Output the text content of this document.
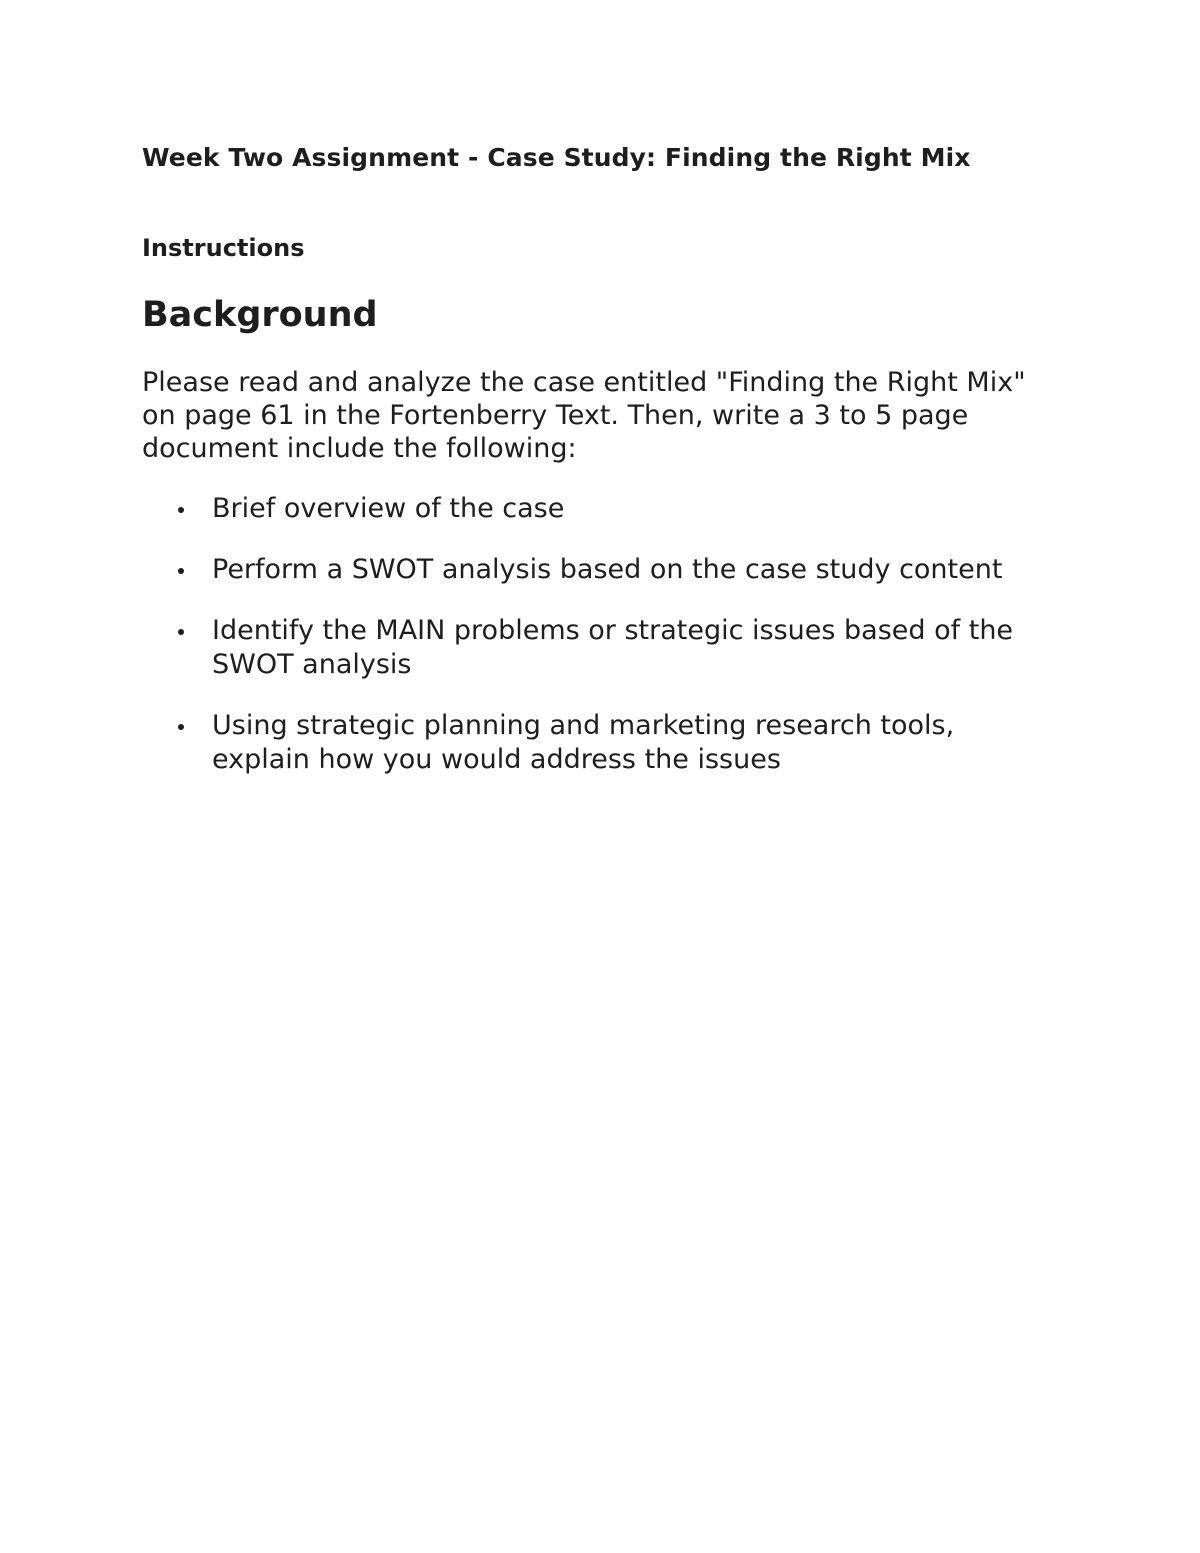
Week Two Assignment - Case Study: Finding the Right Mix
Instructions
Background

Please read and analyze the case entitled "Finding the Right Mix" on page 61 in the Fortenberry Text. Then, write a 3 to 5 page document include the following:

Brief overview of the case
Perform a SWOT analysis based on the case study content
Identify the MAIN problems or strategic issues based of the SWOT analysis
Using strategic planning and marketing research tools, explain how you would address the issues
